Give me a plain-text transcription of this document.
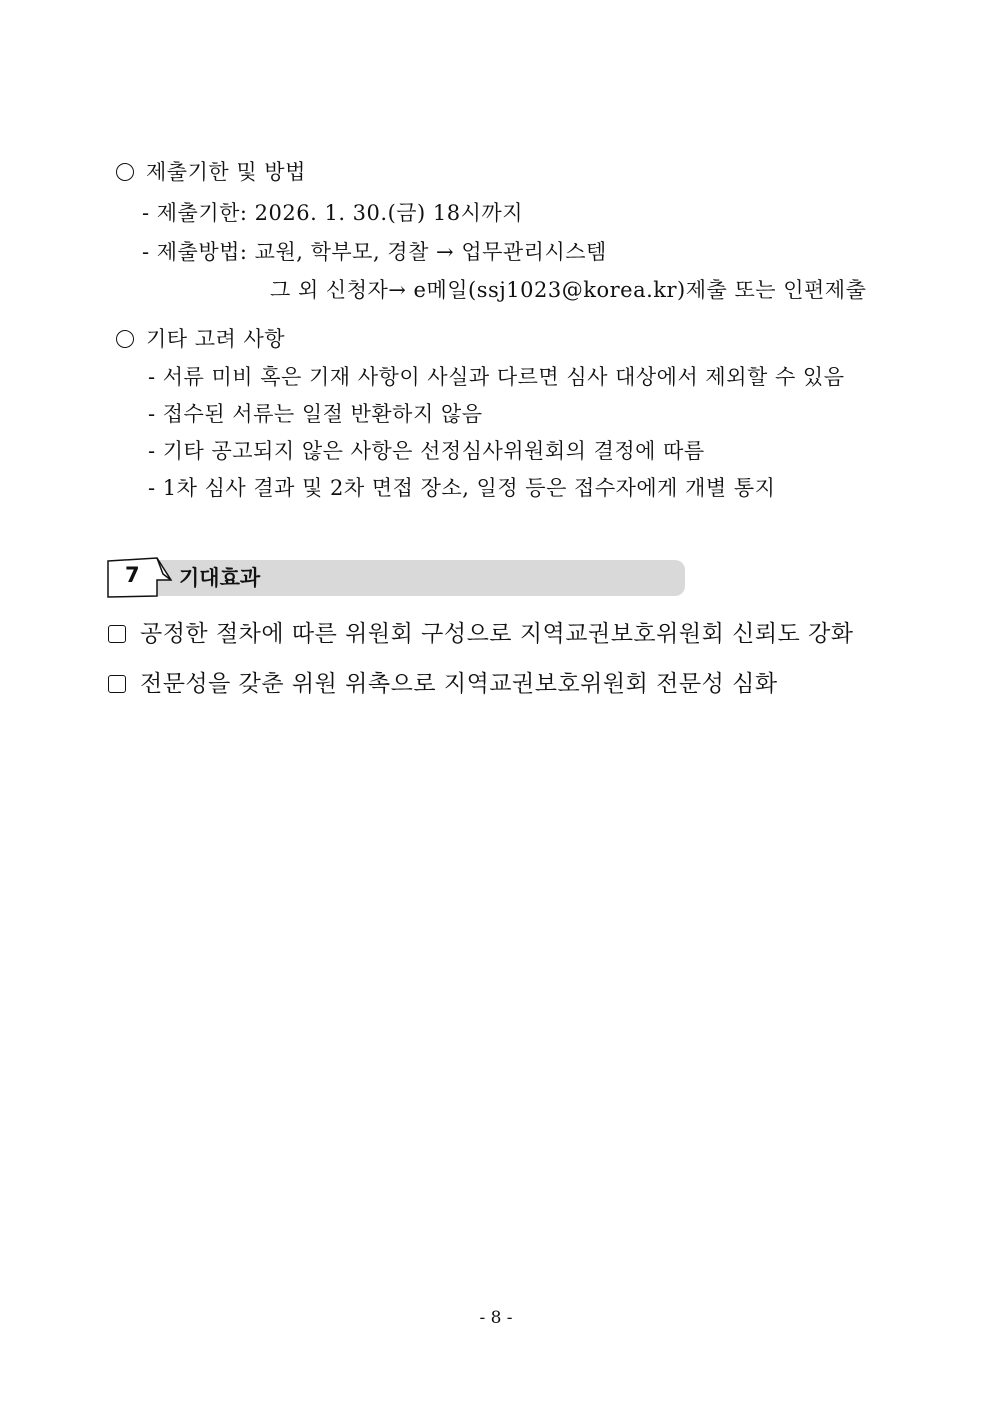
제출기한 및 방법
- 제출기한: 2026. 1. 30.(금) 18시까지
- 제출방법: 교원, 학부모, 경찰 → 업무관리시스템
그 외 신청자→ e메일(ssj1023@korea.kr)제출 또는 인편제출
기타 고려 사항
- 서류 미비 혹은 기재 사항이 사실과 다르면 심사 대상에서 제외할 수 있음
- 접수된 서류는 일절 반환하지 않음
- 기타 공고되지 않은 사항은 선정심사위원회의 결정에 따름
- 1차 심사 결과 및 2차 면접 장소, 일정 등은 접수자에게 개별 통지
7 기대효과
공정한 절차에 따른 위원회 구성으로 지역교권보호위원회 신뢰도 강화
전문성을 갖춘 위원 위촉으로 지역교권보호위원회 전문성 심화
- 8 -
